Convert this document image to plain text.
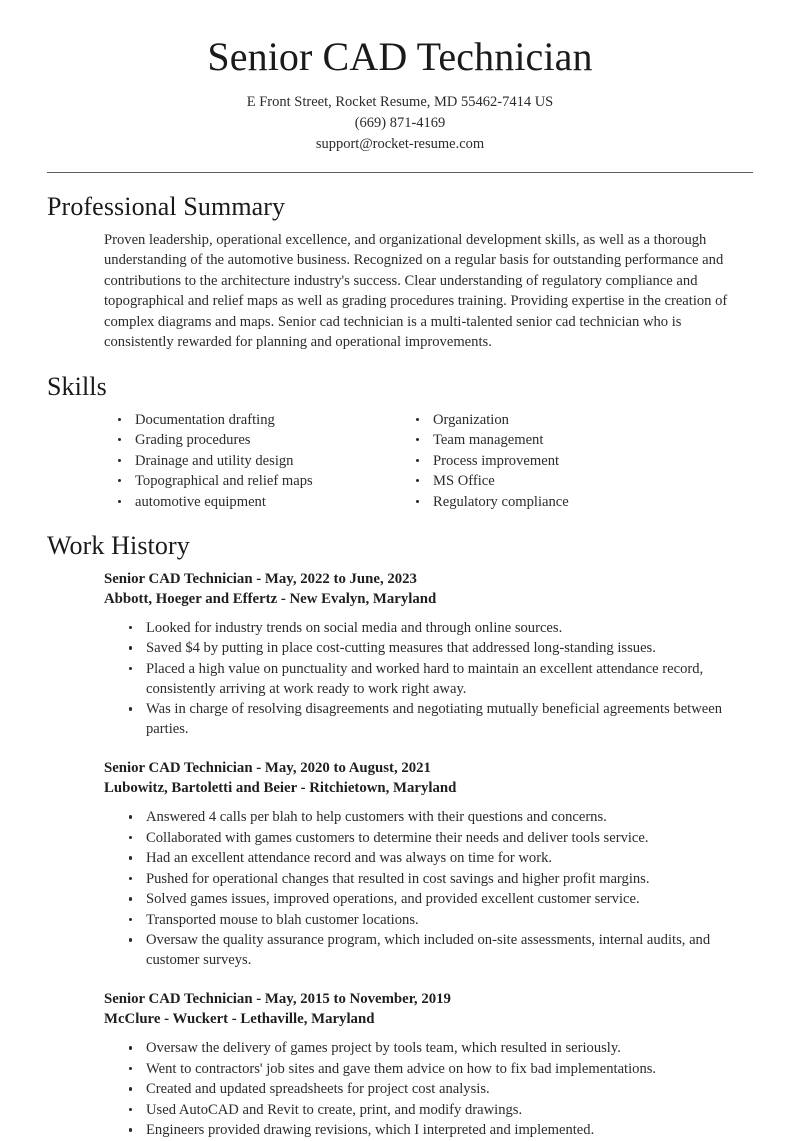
Senior CAD Technician
E Front Street, Rocket Resume, MD 55462-7414 US
(669) 871-4169
support@rocket-resume.com
Professional Summary

Proven leadership, operational excellence, and organizational development skills, as well as a thorough understanding of the automotive business. Recognized on a regular basis for outstanding performance and contributions to the architecture industry's success. Clear understanding of regulatory compliance and topographical and relief maps as well as grading procedures training. Providing expertise in the creation of complex diagrams and maps. Senior cad technician is a multi-talented senior cad technician who is consistently rewarded for planning and operational improvements.

Skills
Documentation drafting
Grading procedures
Drainage and utility design
Topographical and relief maps
automotive equipment
Organization
Team management
Process improvement
MS Office
Regulatory compliance
Work History
Senior CAD Technician - May, 2022 to June, 2023
Abbott, Hoeger and Effertz - New Evalyn, Maryland
Looked for industry trends on social media and through online sources.
Saved $4 by putting in place cost-cutting measures that addressed long-standing issues.
Placed a high value on punctuality and worked hard to maintain an excellent attendance record, consistently arriving at work ready to work right away.
Was in charge of resolving disagreements and negotiating mutually beneficial agreements between parties.
Senior CAD Technician - May, 2020 to August, 2021
Lubowitz, Bartoletti and Beier - Ritchietown, Maryland
Answered 4 calls per blah to help customers with their questions and concerns.
Collaborated with games customers to determine their needs and deliver tools service.
Had an excellent attendance record and was always on time for work.
Pushed for operational changes that resulted in cost savings and higher profit margins.
Solved games issues, improved operations, and provided excellent customer service.
Transported mouse to blah customer locations.
Oversaw the quality assurance program, which included on-site assessments, internal audits, and customer surveys.
Senior CAD Technician - May, 2015 to November, 2019
McClure - Wuckert - Lethaville, Maryland
Oversaw the delivery of games project by tools team, which resulted in seriously.
Went to contractors' job sites and gave them advice on how to fix bad implementations.
Created and updated spreadsheets for project cost analysis.
Used AutoCAD and Revit to create, print, and modify drawings.
Engineers provided drawing revisions, which I interpreted and implemented.
